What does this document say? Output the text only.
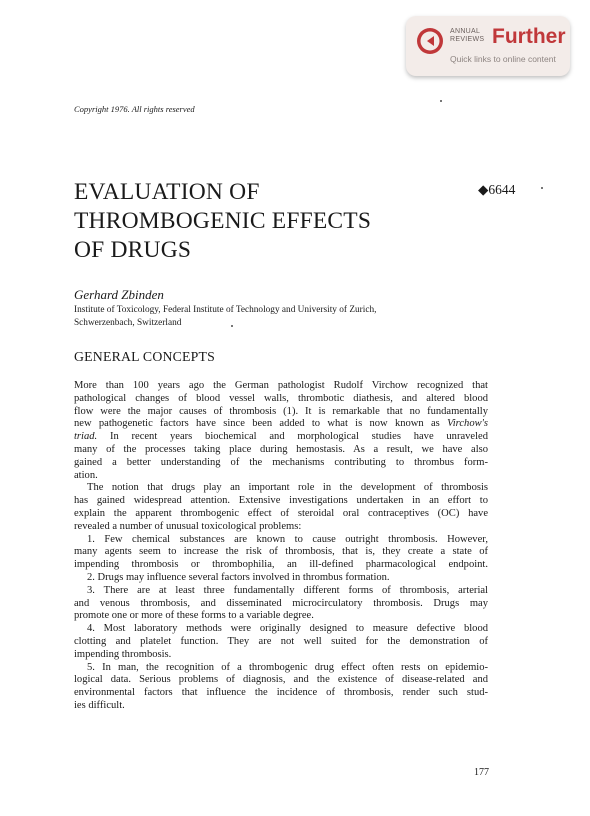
ANNUAL
REVIEWS Further
Quick links to online content
Copyright 1976. All rights reserved
EVALUATION OF
THROMBOGENIC EFFECTS
OF DRUGS
◆6644
Gerhard Zbinden
Institute of Toxicology, Federal Institute of Technology and University of Zurich,
Schwerzenbach, Switzerland
GENERAL CONCEPTS
More than 100 years ago the German pathologist Rudolf Virchow recognized that
pathological changes of blood vessel walls, thrombotic diathesis, and altered blood
flow were the major causes of thrombosis (1). It is remarkable that no fundamentally
new pathogenetic factors have since been added to what is now known as Virchow's
triad. In recent years biochemical and morphological studies have unraveled
many of the processes taking place during hemostasis. As a result, we have also
gained a better understanding of the mechanisms contributing to thrombus form-
ation.
The notion that drugs play an important role in the development of thrombosis
has gained widespread attention. Extensive investigations undertaken in an effort to
explain the apparent thrombogenic effect of steroidal oral contraceptives (OC) have
revealed a number of unusual toxicological problems:
1. Few chemical substances are known to cause outright thrombosis. However,
many agents seem to increase the risk of thrombosis, that is, they create a state of
impending thrombosis or thrombophilia, an ill-defined pharmacological endpoint.
2. Drugs may influence several factors involved in thrombus formation.
3. There are at least three fundamentally different forms of thrombosis, arterial
and venous thrombosis, and disseminated microcirculatory thrombosis. Drugs may
promote one or more of these forms to a variable degree.
4. Most laboratory methods were originally designed to measure defective blood
clotting and platelet function. They are not well suited for the demonstration of
impending thrombosis.
5. In man, the recognition of a thrombogenic drug effect often rests on epidemio-
logical data. Serious problems of diagnosis, and the existence of disease-related and
environmental factors that influence the incidence of thrombosis, render such stud-
ies difficult.
177
